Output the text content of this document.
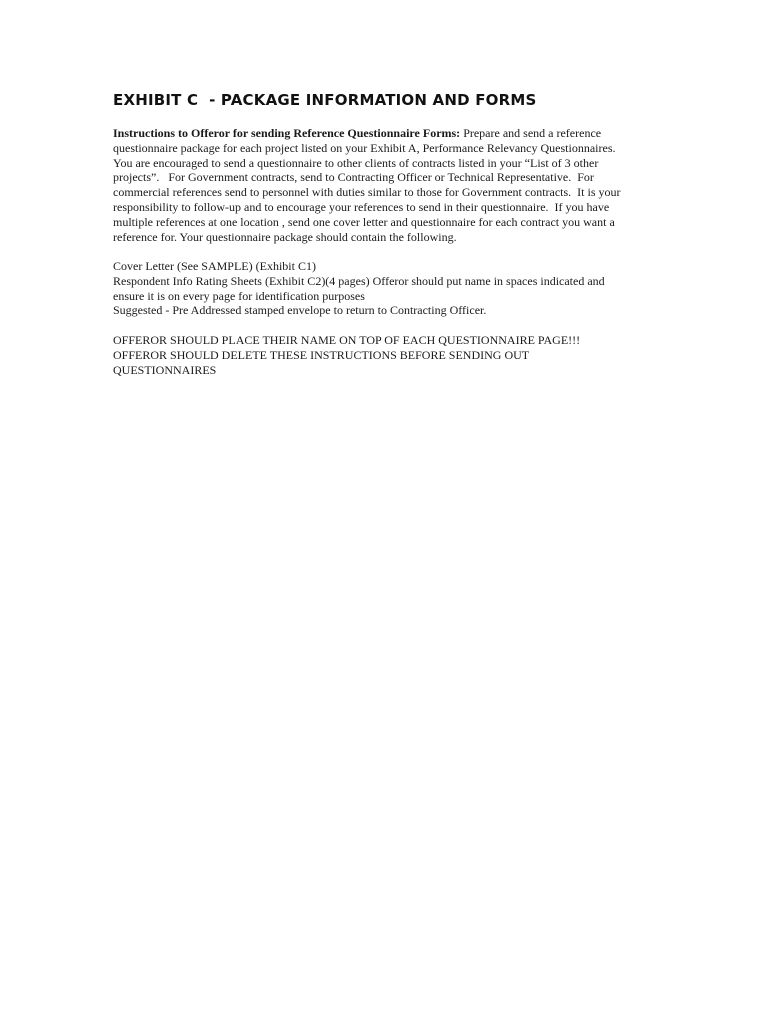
EXHIBIT C  - PACKAGE INFORMATION AND FORMS
Instructions to Offeror for sending Reference Questionnaire Forms: Prepare and send a reference
questionnaire package for each project listed on your Exhibit A, Performance Relevancy Questionnaires.
You are encouraged to send a questionnaire to other clients of contracts listed in your “List of 3 other
projects”.   For Government contracts, send to Contracting Officer or Technical Representative.  For
commercial references send to personnel with duties similar to those for Government contracts.  It is your
responsibility to follow-up and to encourage your references to send in their questionnaire.  If you have
multiple references at one location , send one cover letter and questionnaire for each contract you want a
reference for. Your questionnaire package should contain the following.
Cover Letter (See SAMPLE) (Exhibit C1)
Respondent Info Rating Sheets (Exhibit C2)(4 pages) Offeror should put name in spaces indicated and
ensure it is on every page for identification purposes
Suggested - Pre Addressed stamped envelope to return to Contracting Officer.
OFFEROR SHOULD PLACE THEIR NAME ON TOP OF EACH QUESTIONNAIRE PAGE!!!
OFFEROR SHOULD DELETE THESE INSTRUCTIONS BEFORE SENDING OUT
QUESTIONNAIRES
